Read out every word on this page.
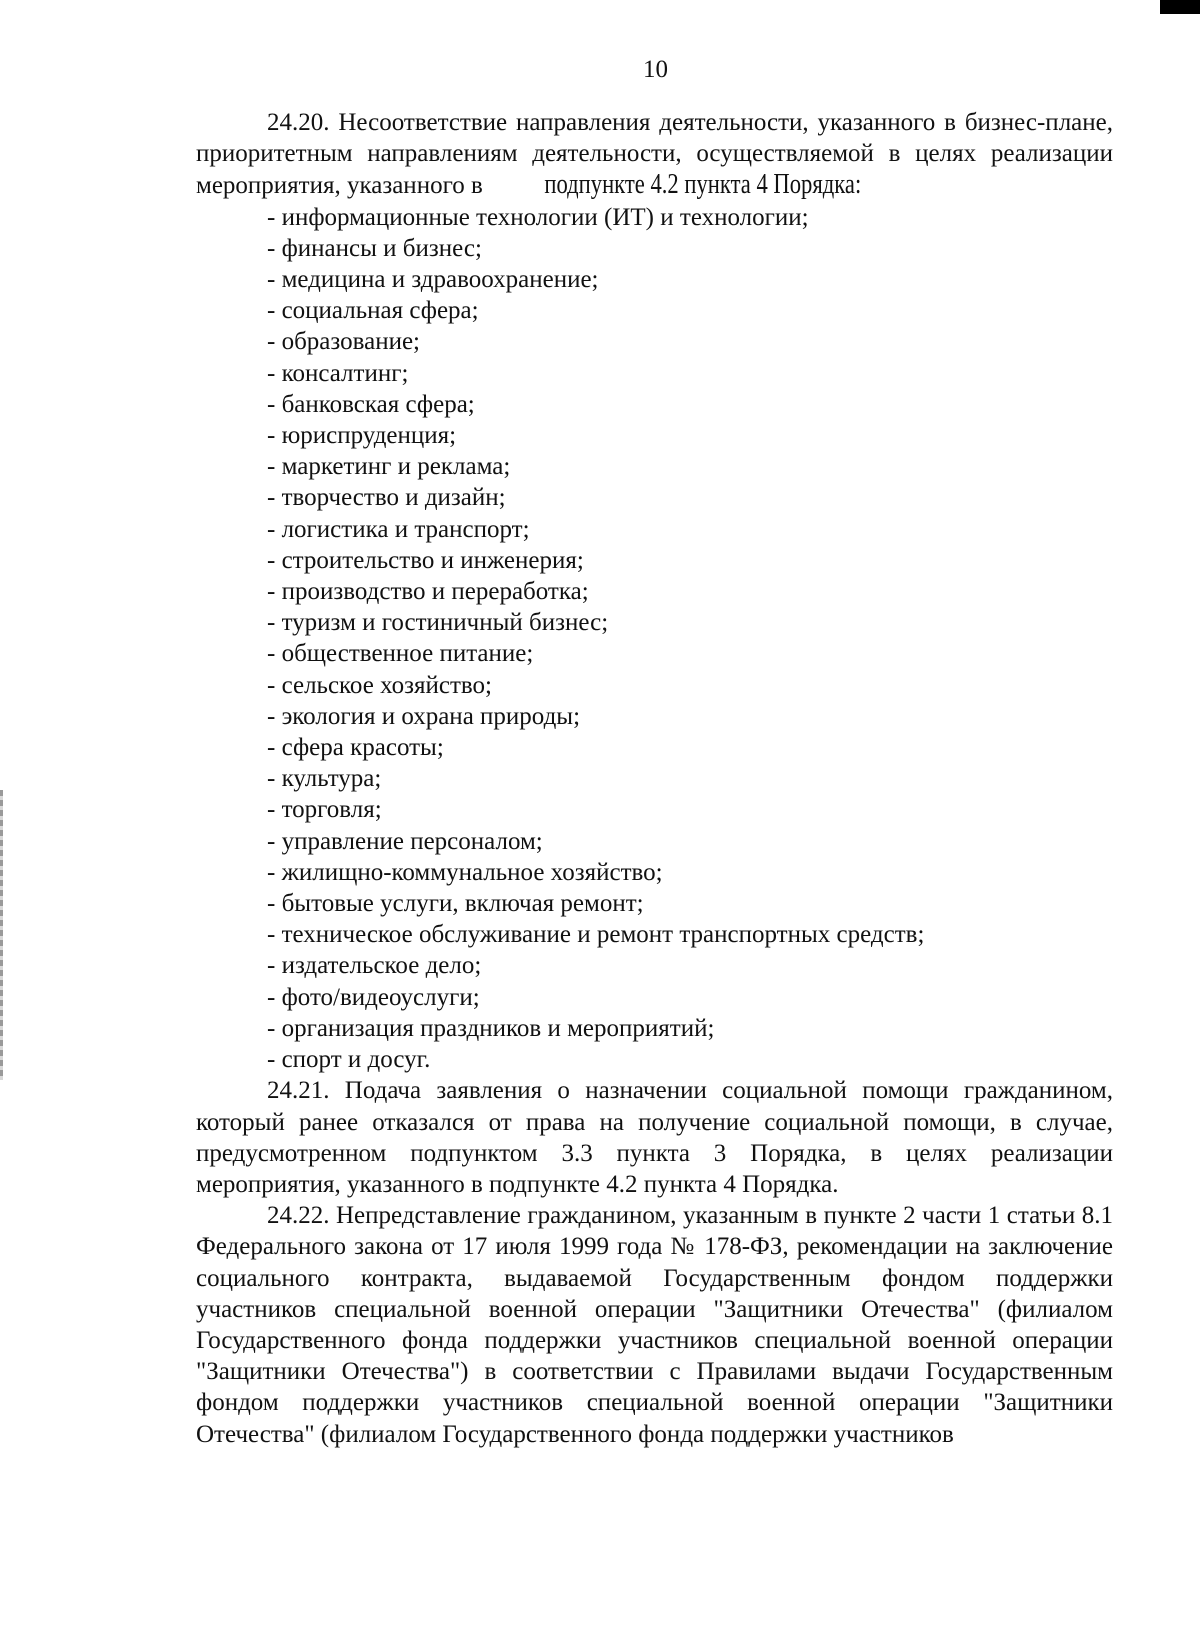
10

24.20. Несоответствие направления деятельности, указанного в бизнес-плане, приоритетным направлениям деятельности, осуществляемой в целях реализации мероприятия, указанного в подпункте 4.2 пункта 4 Порядка:

- информационные технологии (ИТ) и технологии;
- финансы и бизнес;
- медицина и здравоохранение;
- социальная сфера;
- образование;
- консалтинг;
- банковская сфера;
- юриспруденция;
- маркетинг и реклама;
- творчество и дизайн;
- логистика и транспорт;
- строительство и инженерия;
- производство и переработка;
- туризм и гостиничный бизнес;
- общественное питание;
- сельское хозяйство;
- экология и охрана природы;
- сфера красоты;
- культура;
- торговля;
- управление персоналом;
- жилищно-коммунальное хозяйство;
- бытовые услуги, включая ремонт;
- техническое обслуживание и ремонт транспортных средств;
- издательское дело;
- фото/видеоуслуги;
- организация праздников и мероприятий;
- спорт и досуг.

24.21. Подача заявления о назначении социальной помощи гражданином, который ранее отказался от права на получение социальной помощи, в случае, предусмотренном подпунктом 3.3 пункта 3 Порядка, в целях реализации мероприятия, указанного в подпункте 4.2 пункта 4 Порядка.

24.22. Непредставление гражданином, указанным в пункте 2 части 1 статьи 8.1 Федерального закона от 17 июля 1999 года № 178-ФЗ, рекомендации на заключение социального контракта, выдаваемой Государственным фондом поддержки участников специальной военной операции "Защитники Отечества" (филиалом Государственного фонда поддержки участников специальной военной операции "Защитники Отечества") в соответствии с Правилами выдачи Государственным фондом поддержки участников специальной военной операции "Защитники Отечества" (филиалом Государственного фонда поддержки участников
